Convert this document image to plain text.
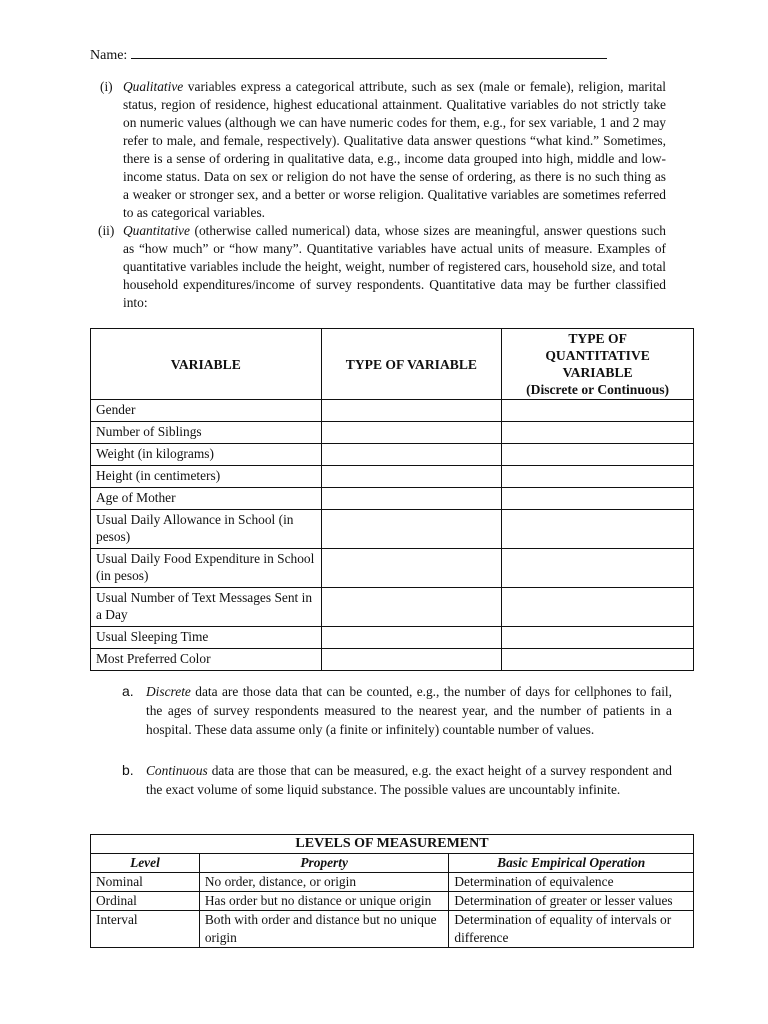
Name:
(i) Qualitative variables express a categorical attribute, such as sex (male or female), religion, marital status, region of residence, highest educational attainment. Qualitative variables do not strictly take on numeric values (although we can have numeric codes for them, e.g., for sex variable, 1 and 2 may refer to male, and female, respectively). Qualitative data answer questions “what kind.” Sometimes, there is a sense of ordering in qualitative data, e.g., income data grouped into high, middle and low-income status. Data on sex or religion do not have the sense of ordering, as there is no such thing as a weaker or stronger sex, and a better or worse religion. Qualitative variables are sometimes referred to as categorical variables.
(ii) Quantitative (otherwise called numerical) data, whose sizes are meaningful, answer questions such as “how much” or “how many”. Quantitative variables have actual units of measure. Examples of quantitative variables include the height, weight, number of registered cars, household size, and total household expenditures/income of survey respondents. Quantitative data may be further classified into:
VARIABLE	TYPE OF VARIABLE	TYPE OF
QUANTITATIVE
VARIABLE
(Discrete or Continuous)
Gender		
Number of Siblings		
Weight (in kilograms)		
Height (in centimeters)		
Age of Mother		
Usual Daily Allowance in School (in pesos)		
Usual Daily Food Expenditure in School (in pesos)		
Usual Number of Text Messages Sent in a Day		
Usual Sleeping Time		
Most Preferred Color		
a. Discrete data are those data that can be counted, e.g., the number of days for cellphones to fail, the ages of survey respondents measured to the nearest year, and the number of patients in a hospital. These data assume only (a finite or infinitely) countable number of values.
b. Continuous data are those that can be measured, e.g. the exact height of a survey respondent and the exact volume of some liquid substance. The possible values are uncountably infinite.
LEVELS OF MEASUREMENT		
Level	Property	Basic Empirical Operation
Nominal	No order, distance, or origin	Determination of equivalence
Ordinal	Has order but no distance or unique origin	Determination of greater or lesser values
Interval	Both with order and distance but no unique origin	Determination of equality of intervals or difference
